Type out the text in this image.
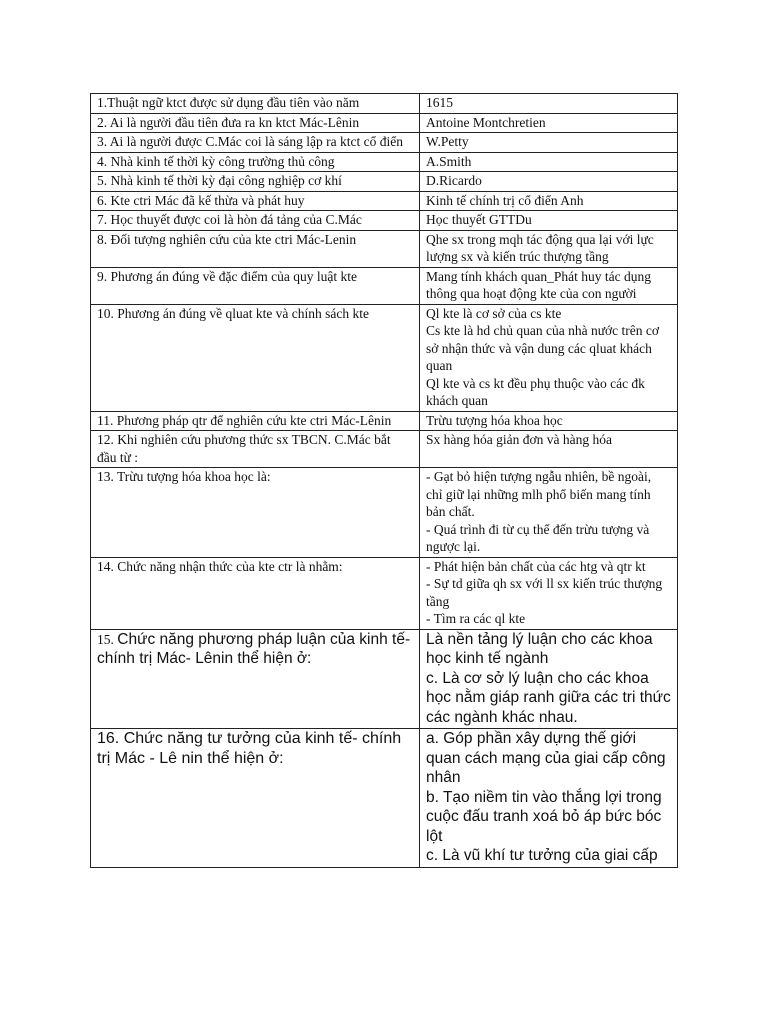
1.Thuật ngữ ktct được sử dụng đầu tiên vào năm	1615

2. Ai là người đầu tiên đưa ra kn ktct Mác-Lênin	Antoine Montchretien

3. Ai là người được C.Mác coi là sáng lập ra ktct cổ điển	W.Petty

4. Nhà kinh tế thời kỳ công trường thủ công	A.Smith

5. Nhà kinh tế thời kỳ đại công nghiệp cơ khí	D.Ricardo

6. Kte ctri Mác đã kế thừa và phát huy	Kinh tế chính trị cổ điển Anh

7. Học thuyết được coi là hòn đá tảng của C.Mác	Học thuyết GTTDu

8. Đối tượng nghiên cứu của kte ctri Mác-Lenin	Qhe sx trong mqh tác động qua lại với lực lượng sx và kiến trúc thượng tầng

9. Phương án đúng về đặc điểm của quy luật kte	Mang tính khách quan_Phát huy tác dụng thông qua hoạt động kte của con người

10. Phương án đúng về qluat kte và chính sách kte	Ql kte là cơ sở của cs kte
Cs kte là hd chủ quan của nhà nước trên cơ sở nhận thức và vận dung các qluat khách quan
Ql kte và cs kt đều phụ thuộc vào các đk khách quan

11. Phương pháp qtr để nghiên cứu kte ctri Mác-Lênin	Trừu tượng hóa khoa học

12. Khi nghiên cứu phương thức sx TBCN. C.Mác bắt đầu từ :	Sx hàng hóa giản đơn và hàng hóa

13. Trừu tượng hóa khoa học là:	- Gạt bỏ hiện tượng ngẫu nhiên, bề ngoài, chỉ giữ lại những mlh phổ biến mang tính bản chất.
- Quá trình đi từ cụ thể đến trừu tượng và ngược lại.

14. Chức năng nhận thức của kte ctr là nhằm:	- Phát hiện bản chất của các htg và qtr kt
- Sự td giữa qh sx với ll sx kiến trúc thượng tầng
- Tìm ra các ql kte

15. Chức năng phương pháp luận của kinh tế- chính trị Mác- Lênin thể hiện ở:	Là nền tảng lý luận cho các khoa học kinh tế ngành
c. Là cơ sở lý luận cho các khoa học nằm giáp ranh giữa các tri thức các ngành khác nhau.

16. Chức năng tư tưởng của kinh tế- chính trị Mác - Lê nin thể hiện ở:	a. Góp phần xây dựng thế giới quan cách mạng của giai cấp công nhân
b. Tạo niềm tin vào thắng lợi trong cuộc đấu tranh xoá bỏ áp bức bóc lột
c. Là vũ khí tư tưởng của giai cấp
